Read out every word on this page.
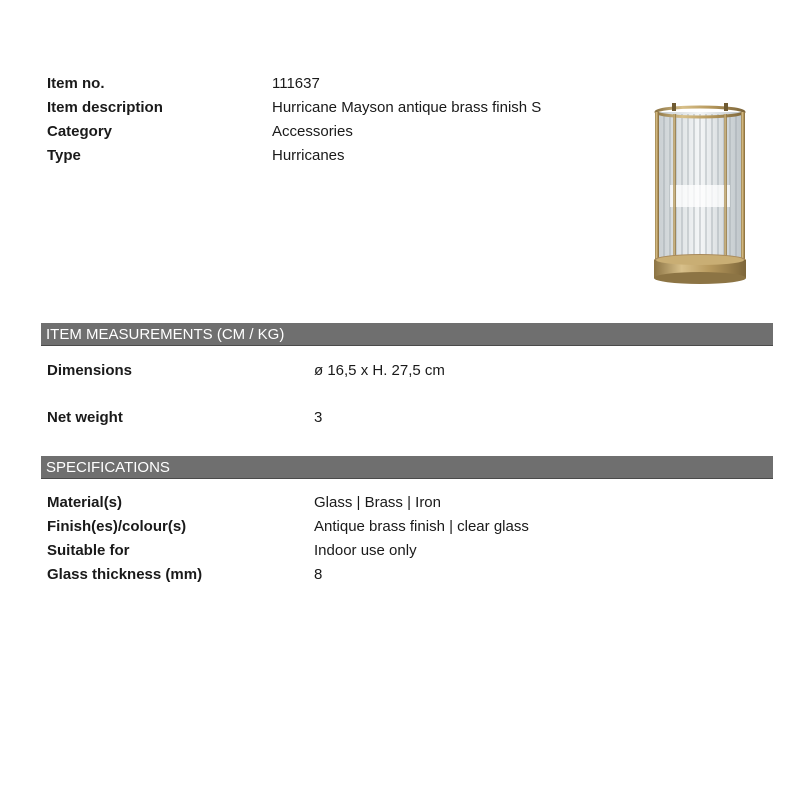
Item no.	111637
Item description	Hurricane Mayson antique brass finish S
Category	Accessories
Type	Hurricanes
ITEM MEASUREMENTS (CM / KG)
Dimensions	ø 16,5 x H. 27,5 cm
Net weight	3
SPECIFICATIONS
Material(s)	Glass | Brass | Iron
Finish(es)/colour(s)	Antique brass finish | clear glass
Suitable for	Indoor use only
Glass thickness (mm)	8
